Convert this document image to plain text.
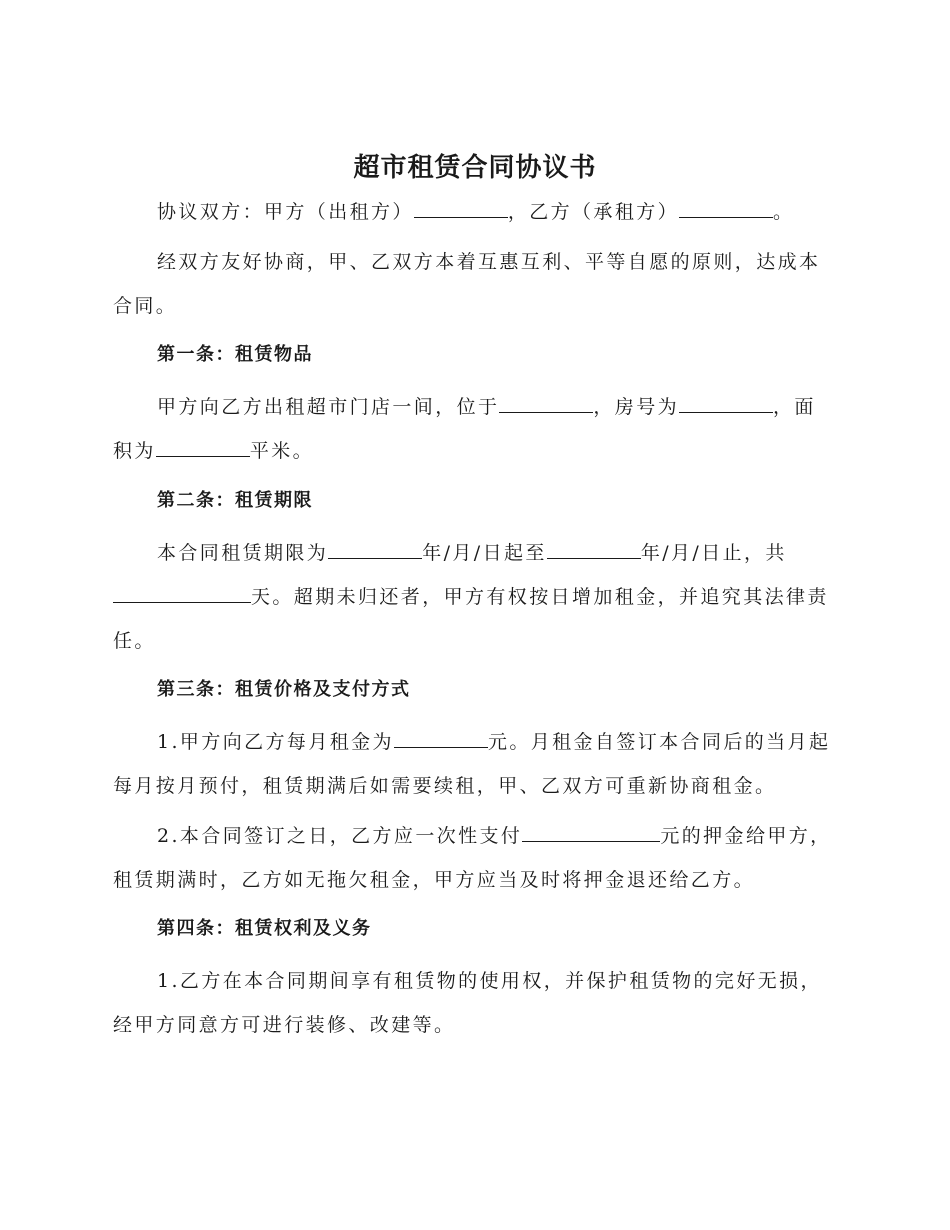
超市租赁合同协议书

协议双方：甲方（出租方）	，乙方（承租方）	。

经双方友好协商，甲、乙双方本着互惠互利、平等自愿的原则，达成本合同。

第一条：租赁物品

甲方向乙方出租超市门店一间，位于	，房号为	，面积为	平米。

第二条：租赁期限

本合同租赁期限为	年/月/日起至	年/月/日止，共天。超期未归还者，甲方有权按日增加租金，并追究其法律责任。

第三条：租赁价格及支付方式

1.甲方向乙方每月租金为	元。月租金自签订本合同后的当月起每月按月预付，租赁期满后如需要续租，甲、乙双方可重新协商租金。

2.本合同签订之日，乙方应一次性支付	元的押金给甲方，租赁期满时，乙方如无拖欠租金，甲方应当及时将押金退还给乙方。

第四条：租赁权利及义务

1.乙方在本合同期间享有租赁物的使用权，并保护租赁物的完好无损，经甲方同意方可进行装修、改建等。
